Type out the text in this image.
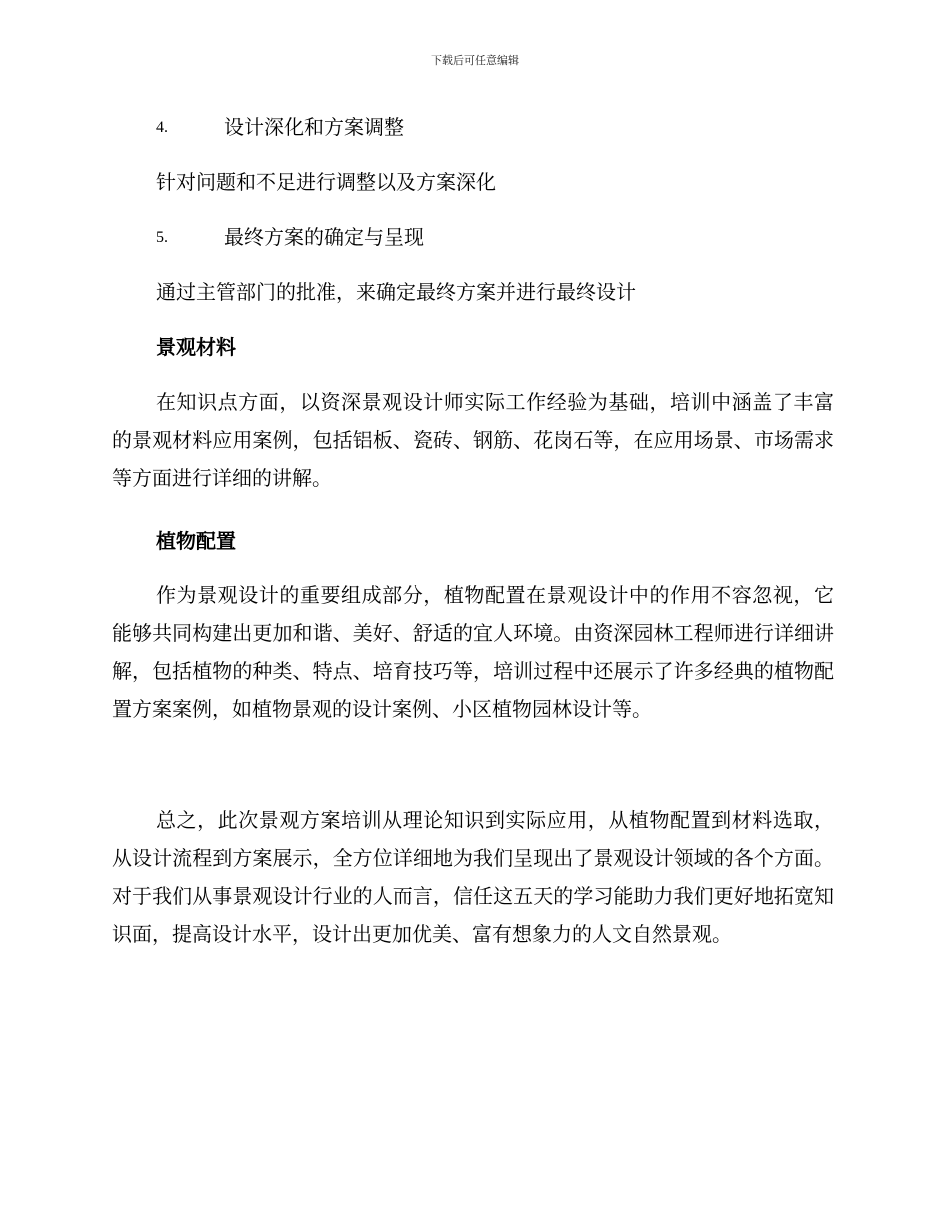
下载后可任意编辑
4.	设计深化和方案调整
针对问题和不足进行调整以及方案深化
5.	最终方案的确定与呈现
通过主管部门的批准，来确定最终方案并进行最终设计
景观材料

在知识点方面，以资深景观设计师实际工作经验为基础，培训中涵盖了丰富的景观材料应用案例，包括铝板、瓷砖、钢筋、花岗石等，在应用场景、市场需求等方面进行详细的讲解。

植物配置

作为景观设计的重要组成部分，植物配置在景观设计中的作用不容忽视，它能够共同构建出更加和谐、美好、舒适的宜人环境。由资深园林工程师进行详细讲解，包括植物的种类、特点、培育技巧等，培训过程中还展示了许多经典的植物配置方案案例，如植物景观的设计案例、小区植物园林设计等。

总之，此次景观方案培训从理论知识到实际应用，从植物配置到材料选取，从设计流程到方案展示，全方位详细地为我们呈现出了景观设计领域的各个方面。对于我们从事景观设计行业的人而言，信任这五天的学习能助力我们更好地拓宽知识面，提高设计水平，设计出更加优美、富有想象力的人文自然景观。
